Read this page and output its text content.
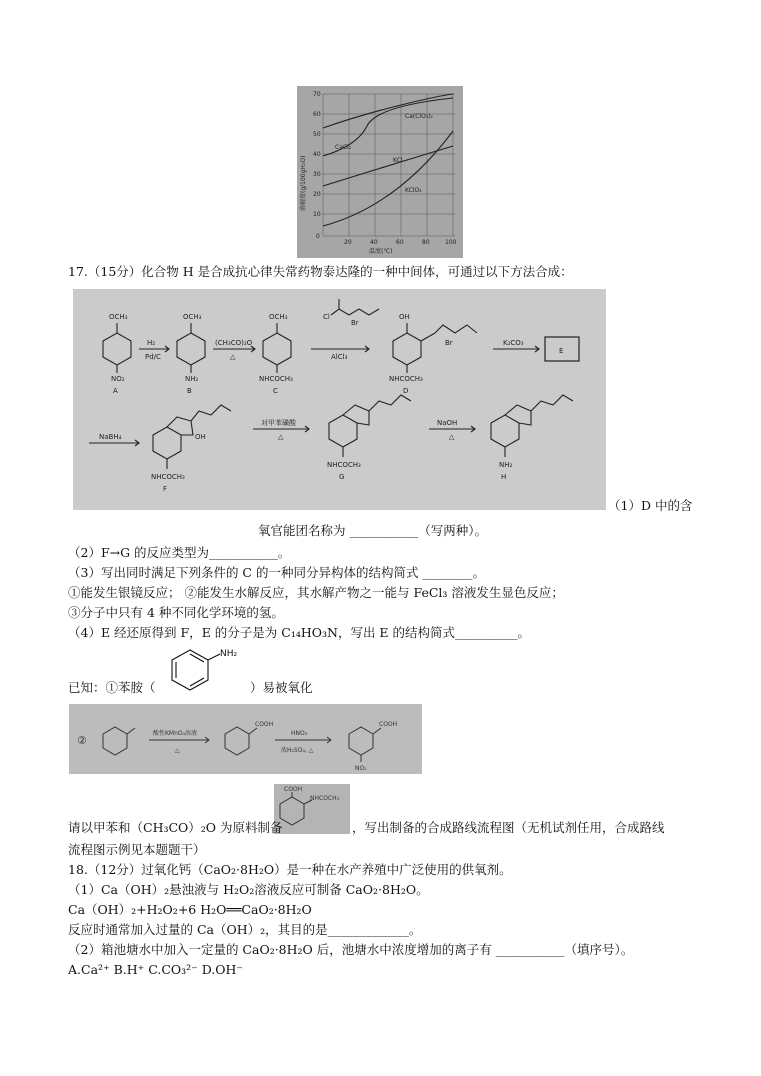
70
60
50
40
30
20
10
0
20	40	60	80	100
温度(℃)
溶解度(g/100gH₂O)
Ca(ClO₃)₂
CaCl₂
KCl
KClO₃
17.（15分）化合物 H 是合成抗心律失常药物泰达隆的一种中间体，可通过以下方法合成：
OCH₃
NO₂
A
H₂
Pd/C
OCH₃
NH₂
B
(CH₃CO)₂O
△
OCH₃
NHCOCH₃
C
Cl
Br
AlCl₃
OH
Br
NHCOCH₃
D
K₂CO₃
E
NaBH₄	OH
NHCOCH₃
F
对甲苯磺酸
△
NHCOCH₃
G
NaOH
△
NH₂
H
（1）D 中的含
氧官能团名称为 ___________（写两种）。
（2）F→G 的反应类型为___________。
（3）写出同时满足下列条件的 C 的一种同分异构体的结构简式 ________。
①能发生银镜反应； ②能发生水解反应，其水解产物之一能与 FeCl₃ 溶液发生显色反应；
③分子中只有 4 种不同化学环境的氢。
（4）E 经还原得到 F，E 的分子是为 C₁₄HO₃N，写出 E 的结构简式__________。
NH₂
已知：①苯胺（	）易被氧化
②
酸性KMnO₄溶液
△
COOH
HNO₃
浓H₂SO₄, △
COOH
NO₂
COOH
NHCOCH₃
请以甲苯和（CH₃CO）₂O 为原料制备	，写出制备的合成路线流程图（无机试剂任用，合成路线
流程图示例见本题题干）
18.（12分）过氧化钙（CaO₂·8H₂O）是一种在水产养殖中广泛使用的供氧剂。
（1）Ca（OH）₂悬浊液与 H₂O₂溶液反应可制备 CaO₂·8H₂O。
Ca（OH）₂+H₂O₂+6 H₂O══CaO₂·8H₂O
反应时通常加入过量的 Ca（OH）₂，其目的是_____________。
（2）箱池塘水中加入一定量的 CaO₂·8H₂O 后，池塘水中浓度增加的离子有 ___________（填序号）。
A.Ca²⁺ B.H⁺ C.CO₃²⁻ D.OH⁻
